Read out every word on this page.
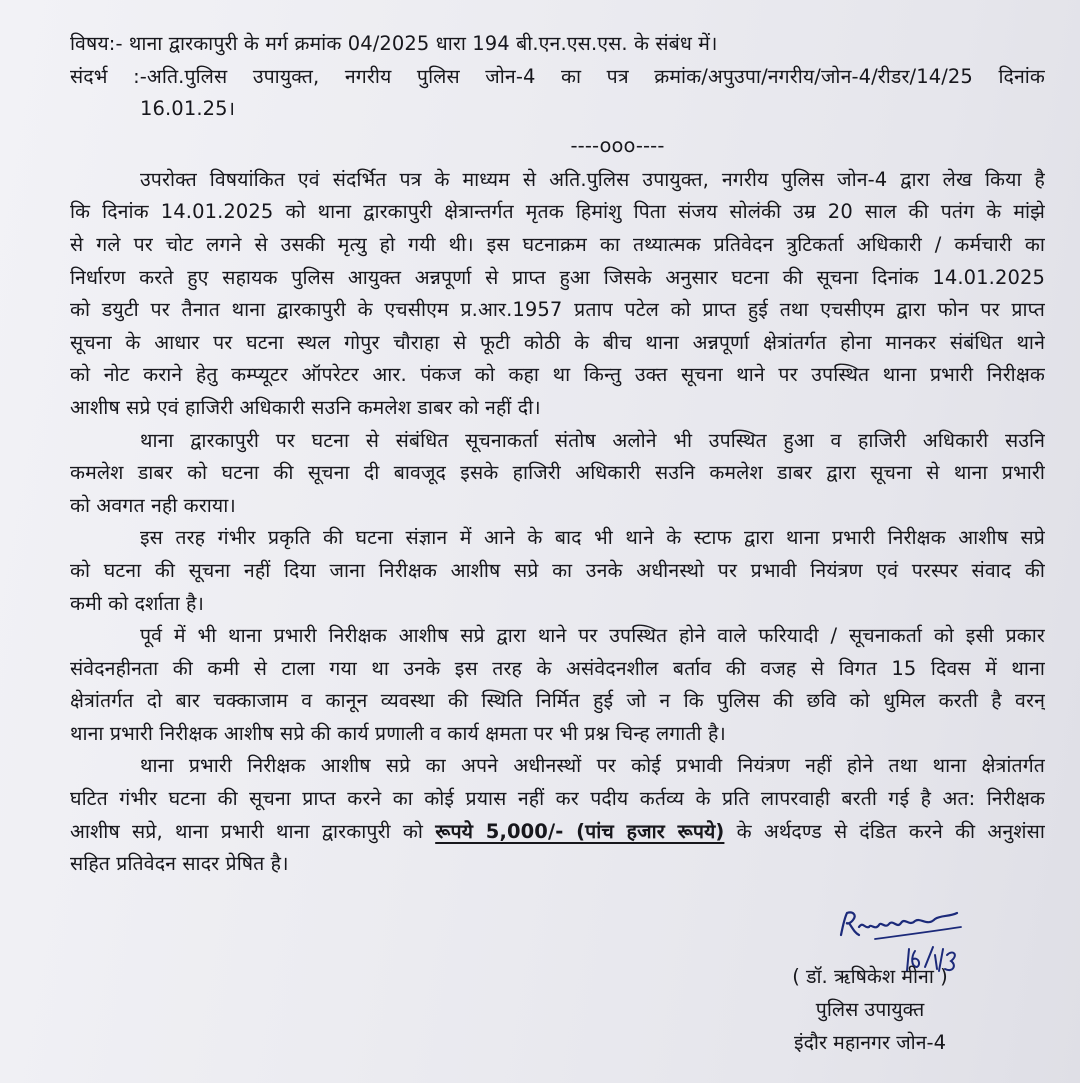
विषय:- थाना द्वारकापुरी के मर्ग क्रमांक 04/2025 धारा 194 बी.एन.एस.एस. के संबंध में।
संदर्भ :-अति.पुलिस उपायुक्त, नगरीय पुलिस जोन-4 का पत्र क्रमांक/अपुउपा/नगरीय/जोन-4/रीडर/14/25 दिनांक
16.01.25।
----ooo----
उपरोक्त विषयांकित एवं संदर्भित पत्र के माध्यम से अति.पुलिस उपायुक्त, नगरीय पुलिस जोन-4 द्वारा लेख किया है
कि दिनांक 14.01.2025 को थाना द्वारकापुरी क्षेत्रान्तर्गत मृतक हिमांशु पिता संजय सोलंकी उम्र 20 साल की पतंग के मांझे
से गले पर चोट लगने से उसकी मृत्यु हो गयी थी। इस घटनाक्रम का तथ्यात्मक प्रतिवेदन त्रुटिकर्ता अधिकारी / कर्मचारी का
निर्धारण करते हुए सहायक पुलिस आयुक्त अन्नपूर्णा से प्राप्त हुआ जिसके अनुसार घटना की सूचना दिनांक 14.01.2025
को डयुटी पर तैनात थाना द्वारकापुरी के एचसीएम प्र.आर.1957 प्रताप पटेल को प्राप्त हुई तथा एचसीएम द्वारा फोन पर प्राप्त
सूचना के आधार पर घटना स्थल गोपुर चौराहा से फूटी कोठी के बीच थाना अन्नपूर्णा क्षेत्रांतर्गत होना मानकर संबंधित थाने
को नोट कराने हेतु कम्प्यूटर ऑपरेटर आर. पंकज को कहा था किन्तु उक्त सूचना थाने पर उपस्थित थाना प्रभारी निरीक्षक
आशीष सप्रे एवं हाजिरी अधिकारी सउनि कमलेश डाबर को नहीं दी।
थाना द्वारकापुरी पर घटना से संबंधित सूचनाकर्ता संतोष अलोने भी उपस्थित हुआ व हाजिरी अधिकारी सउनि
कमलेश डाबर को घटना की सूचना दी बावजूद इसके हाजिरी अधिकारी सउनि कमलेश डाबर द्वारा सूचना से थाना प्रभारी
को अवगत नही कराया।
इस तरह गंभीर प्रकृति की घटना संज्ञान में आने के बाद भी थाने के स्टाफ द्वारा थाना प्रभारी निरीक्षक आशीष सप्रे
को घटना की सूचना नहीं दिया जाना निरीक्षक आशीष सप्रे का उनके अधीनस्थो पर प्रभावी नियंत्रण एवं परस्पर संवाद की
कमी को दर्शाता है।
पूर्व में भी थाना प्रभारी निरीक्षक आशीष सप्रे द्वारा थाने पर उपस्थित होने वाले फरियादी / सूचनाकर्ता को इसी प्रकार
संवेदनहीनता की कमी से टाला गया था उनके इस तरह के असंवेदनशील बर्ताव की वजह से विगत 15 दिवस में थाना
क्षेत्रांतर्गत दो बार चक्काजाम व कानून व्यवस्था की स्थिति निर्मित हुई जो न कि पुलिस की छवि को धुमिल करती है वरन्
थाना प्रभारी निरीक्षक आशीष सप्रे की कार्य प्रणाली व कार्य क्षमता पर भी प्रश्न चिन्ह लगाती है।
थाना प्रभारी निरीक्षक आशीष सप्रे का अपने अधीनस्थों पर कोई प्रभावी नियंत्रण नहीं होने तथा थाना क्षेत्रांतर्गत
घटित गंभीर घटना की सूचना प्राप्त करने का कोई प्रयास नहीं कर पदीय कर्तव्य के प्रति लापरवाही बरती गई है अत: निरीक्षक
आशीष सप्रे, थाना प्रभारी थाना द्वारकापुरी को रूपये 5,000/- (पांच हजार रूपये) के अर्थदण्ड से दंडित करने की अनुशंसा
सहित प्रतिवेदन सादर प्रेषित है।
( डॉ. ऋषिकेश मीना )
पुलिस उपायुक्त
इंदौर महानगर जोन-4
